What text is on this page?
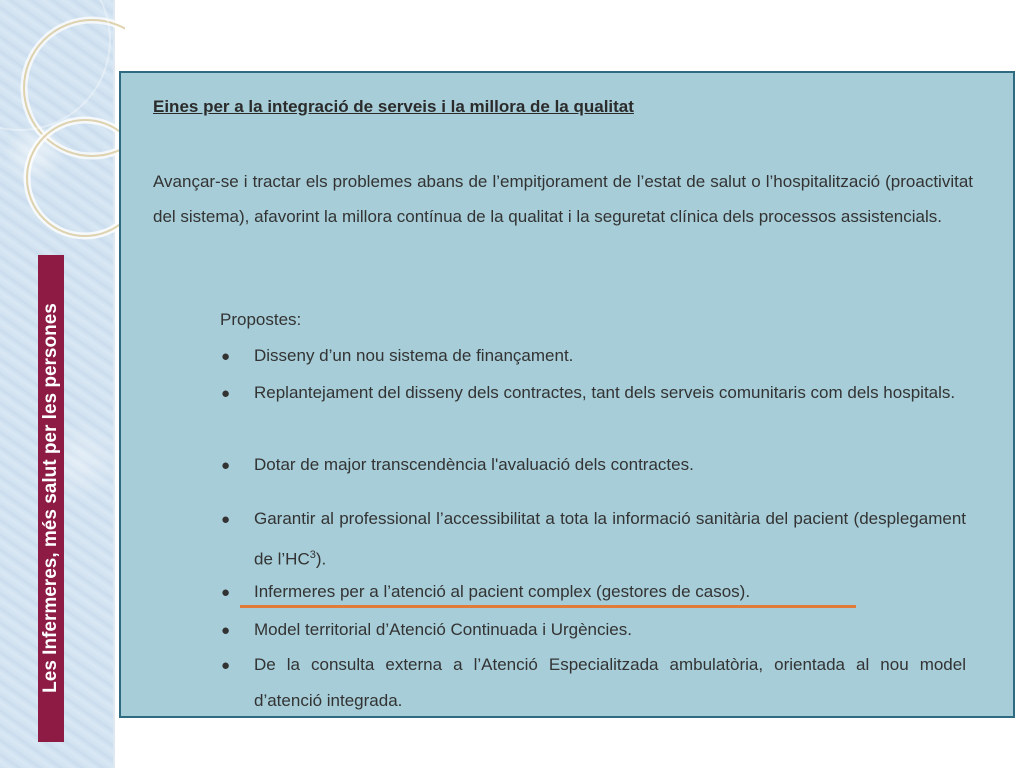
Les Infermeres, més salut per les persones
Eines per a la integració de serveis i la millora de la qualitat
Avançar-se i tractar els problemes abans de l’empitjorament de l’estat de salut o l’hospitalització (proactivitat del sistema), afavorint la millora contínua de la qualitat i la seguretat clínica dels processos assistencials.
Propostes:
● Disseny d’un nou sistema de finançament.
● Replantejament del disseny dels contractes, tant dels serveis comunitaris com dels hospitals.
● Dotar de major transcendència l'avaluació dels contractes.
● Garantir al professional l’accessibilitat a tota la informació sanitària del pacient (desplegament de $l’HC^3$).
● Infermeres per a l’atenció al pacient complex (gestores de casos).
● Model territorial d’Atenció Continuada i Urgències.
● De la consulta externa a l’Atenció Especialitzada ambulatòria, orientada al nou model d’atenció integrada.
